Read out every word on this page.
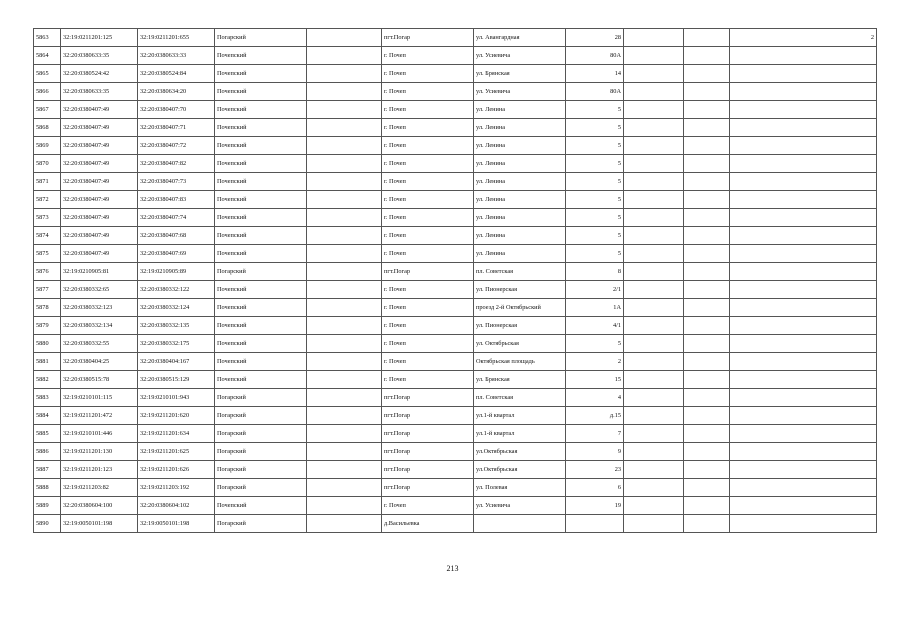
5863	32:19:0211201:125	32:19:0211201:655	Погарский		пгт.Погар	ул. Авангардная	28			2
5864	32:20:0380633:35	32:20:0380633:33	Почепский		г. Почеп	ул. Усиевича	80А			
5865	32:20:0380524:42	32:20:0380524:84	Почепский		г. Почеп	ул. Брянская	14			
5866	32:20:0380633:35	32:20:0380634:20	Почепский		г. Почеп	ул. Усиевича	80А			
5867	32:20:0380407:49	32:20:0380407:70	Почепский		г. Почеп	ул. Ленина	5			
5868	32:20:0380407:49	32:20:0380407:71	Почепский		г. Почеп	ул. Ленина	5			
5869	32:20:0380407:49	32:20:0380407:72	Почепский		г. Почеп	ул. Ленина	5			
5870	32:20:0380407:49	32:20:0380407:82	Почепский		г. Почеп	ул. Ленина	5			
5871	32:20:0380407:49	32:20:0380407:73	Почепский		г. Почеп	ул. Ленина	5			
5872	32:20:0380407:49	32:20:0380407:83	Почепский		г. Почеп	ул. Ленина	5			
5873	32:20:0380407:49	32:20:0380407:74	Почепский		г. Почеп	ул. Ленина	5			
5874	32:20:0380407:49	32:20:0380407:68	Почепский		г. Почеп	ул. Ленина	5			
5875	32:20:0380407:49	32:20:0380407:69	Почепский		г. Почеп	ул. Ленина	5			
5876	32:19:0210905:81	32:19:0210905:89	Погарский		пгт.Погар	пл. Советская	8			
5877	32:20:0380332:65	32:20:0380332:122	Почепский		г. Почеп	ул. Пионерская	2/1			
5878	32:20:0380332:123	32:20:0380332:124	Почепский		г. Почеп	проезд 2-й Октябрьский	1А			
5879	32:20:0380332:134	32:20:0380332:135	Почепский		г. Почеп	ул. Пионерская	4/1			
5880	32:20:0380332:55	32:20:0380332:175	Почепский		г. Почеп	ул. Октябрьская	5			
5881	32:20:0380404:25	32:20:0380404:167	Почепский		г. Почеп	Октябрьская площадь	2			
5882	32:20:0380515:78	32:20:0380515:129	Почепский		г. Почеп	ул. Брянская	15			
5883	32:19:0210101:115	32:19:0210101:943	Погарский		пгт.Погар	пл. Советская	4			
5884	32:19:0211201:472	32:19:0211201:620	Погарский		пгт.Погар	ул.1-й квартал	д.15			
5885	32:19:0210101:446	32:19:0211201:634	Погарский		пгт.Погар	ул.1-й квартал	7			
5886	32:19:0211201:130	32:19:0211201:625	Погарский		пгт.Погар	ул.Октябрьская	9			
5887	32:19:0211201:123	32:19:0211201:626	Погарский		пгт.Погар	ул.Октябрьская	23			
5888	32:19:0211203:82	32:19:0211203:192	Погарский		пгт.Погар	ул. Полевая	6			
5889	32:20:0380604:100	32:20:0380604:102	Почепский		г. Почеп	ул. Усиевича	19			
5890	32:19:0050101:198	32:19:0050101:198	Погарский		д.Васильевка					
213
